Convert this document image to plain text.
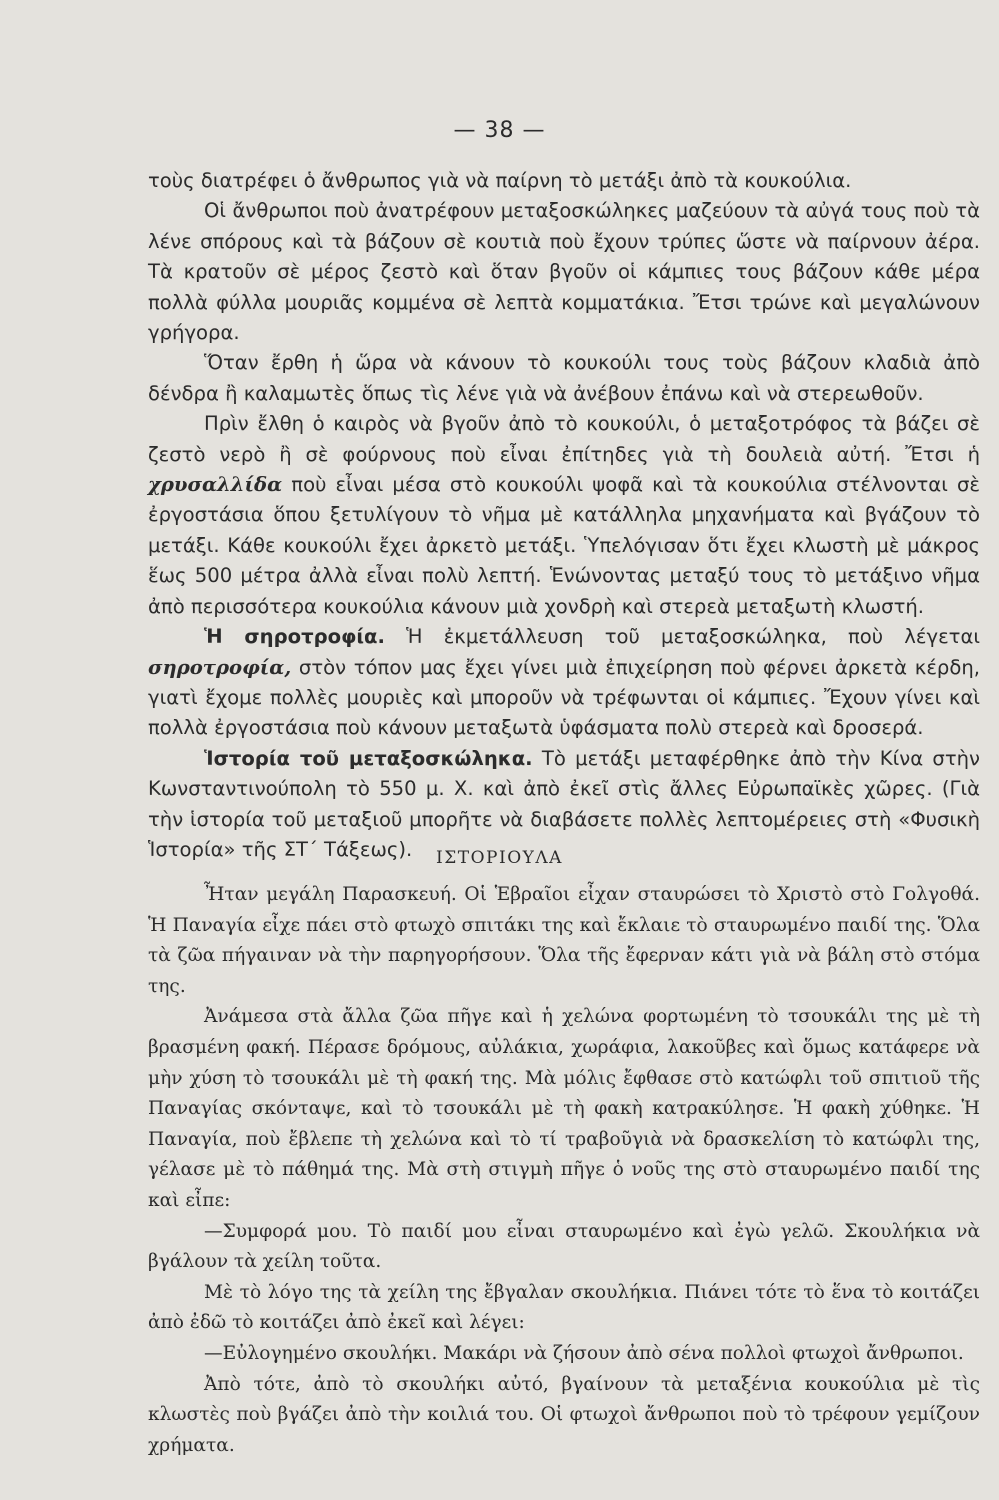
— 38 —

τοὺς διατρέφει ὁ ἄνθρωπος γιὰ νὰ παίρνη τὸ μετάξι ἀπὸ τὰ κουκούλια.

Οἱ ἄνθρωποι ποὺ ἀνατρέφουν μεταξοσκώληκες μαζεύουν τὰ αὐγά τους ποὺ τὰ λένε σπόρους καὶ τὰ βάζουν σὲ κουτιὰ ποὺ ἔχουν τρύπες ὥστε νὰ παίρνουν ἀέρα. Τὰ κρατοῦν σὲ μέρος ζεστὸ καὶ ὅταν βγοῦν οἱ κάμπιες τους βάζουν κάθε μέρα πολλὰ φύλλα μουριᾶς κομμένα σὲ λεπτὰ κομματάκια. Ἔτσι τρώνε καὶ μεγαλώνουν γρήγορα.

Ὅταν ἔρθη ἡ ὥρα νὰ κάνουν τὸ κουκούλι τους τοὺς βάζουν κλαδιὰ ἀπὸ δένδρα ἢ καλαμωτὲς ὅπως τὶς λένε γιὰ νὰ ἀνέβουν ἐπάνω καὶ νὰ στερεωθοῦν.

Πρὶν ἔλθη ὁ καιρὸς νὰ βγοῦν ἀπὸ τὸ κουκούλι, ὁ μεταξοτρόφος τὰ βάζει σὲ ζεστὸ νερὸ ἢ σὲ φούρνους ποὺ εἶναι ἐπίτηδες γιὰ τὴ δουλειὰ αὐτή. Ἔτσι ἡ χρυσαλλίδα ποὺ εἶναι μέσα στὸ κουκούλι ψοφᾶ καὶ τὰ κουκούλια στέλνονται σὲ ἐργοστάσια ὅπου ξετυλίγουν τὸ νῆμα μὲ κατάλληλα μηχανήματα καὶ βγάζουν τὸ μετάξι. Κάθε κουκούλι ἔχει ἀρκετὸ μετάξι. Ὑπελόγισαν ὅτι ἔχει κλωστὴ μὲ μάκρος ἕως 500 μέτρα ἀλλὰ εἶναι πολὺ λεπτή. Ἑνώνοντας μεταξύ τους τὸ μετάξινο νῆμα ἀπὸ περισσότερα κουκούλια κάνουν μιὰ χονδρὴ καὶ στερεὰ μεταξωτὴ κλωστή.

Ἡ σηροτροφία. Ἡ ἐκμετάλλευση τοῦ μεταξοσκώληκα, ποὺ λέγεται σηροτροφία, στὸν τόπον μας ἔχει γίνει μιὰ ἐπιχείρηση ποὺ φέρνει ἀρκετὰ κέρδη, γιατὶ ἔχομε πολλὲς μουριὲς καὶ μποροῦν νὰ τρέφωνται οἱ κάμπιες. Ἔχουν γίνει καὶ πολλὰ ἐργοστάσια ποὺ κάνουν μεταξωτὰ ὑφάσματα πολὺ στερεὰ καὶ δροσερά.

Ἱστορία τοῦ μεταξοσκώληκα. Τὸ μετάξι μεταφέρθηκε ἀπὸ τὴν Κίνα στὴν Κωνσταντινούπολη τὸ 550 μ. Χ. καὶ ἀπὸ ἐκεῖ στὶς ἄλλες Εὐρωπαϊκὲς χῶρες. (Γιὰ τὴν ἱστορία τοῦ μεταξιοῦ μπορῆτε νὰ διαβάσετε πολλὲς λεπτομέρειες στὴ «Φυσικὴ Ἱστορία» τῆς ΣΤ΄ Τάξεως).	ΙΣΤΟΡΙΟΥΛΑ

Ἦταν μεγάλη Παρασκευή. Οἱ Ἑβραῖοι εἶχαν σταυρώσει τὸ Χριστὸ στὸ Γολγοθά. Ἡ Παναγία εἶχε πάει στὸ φτωχὸ σπιτάκι της καὶ ἔκλαιε τὸ σταυρωμένο παιδί της. Ὅλα τὰ ζῶα πήγαιναν νὰ τὴν παρηγορήσουν. Ὅλα τῆς ἔφερναν κάτι γιὰ νὰ βάλη στὸ στόμα της.

Ἀνάμεσα στὰ ἄλλα ζῶα πῆγε καὶ ἡ χελώνα φορτωμένη τὸ τσουκάλι της μὲ τὴ βρασμένη φακή. Πέρασε δρόμους, αὐλάκια, χωράφια, λακοῦβες καὶ ὅμως κατάφερε νὰ μὴν χύση τὸ τσουκάλι μὲ τὴ φακή της. Μὰ μόλις ἔφθασε στὸ κατώφλι τοῦ σπιτιοῦ τῆς Παναγίας σκόνταψε, καὶ τὸ τσουκάλι μὲ τὴ φακὴ κατρακύλησε. Ἡ φακὴ χύθηκε. Ἡ Παναγία, ποὺ ἔβλεπε τὴ χελώνα καὶ τὸ τί τραβοῦγιὰ νὰ δρασκελίση τὸ κατώφλι της, γέλασε μὲ τὸ πάθημά της. Μὰ στὴ στιγμὴ πῆγε ὁ νοῦς της στὸ σταυρωμένο παιδί της καὶ εἶπε:

—Συμφορά μου. Τὸ παιδί μου εἶναι σταυρωμένο καὶ ἐγὼ γελῶ. Σκουλήκια νὰ βγάλουν τὰ χείλη τοῦτα.

Μὲ τὸ λόγο της τὰ χείλη της ἔβγαλαν σκουλήκια. Πιάνει τότε τὸ ἕνα τὸ κοιτάζει ἀπὸ ἐδῶ τὸ κοιτάζει ἀπὸ ἐκεῖ καὶ λέγει:

—Εὐλογημένο σκουλήκι. Μακάρι νὰ ζήσουν ἀπὸ σένα πολλοὶ φτωχοὶ ἄνθρωποι.

Ἀπὸ τότε, ἀπὸ τὸ σκουλήκι αὐτό, βγαίνουν τὰ μεταξένια κουκούλια μὲ τὶς κλωστὲς ποὺ βγάζει ἀπὸ τὴν κοιλιά του. Οἱ φτωχοὶ ἄνθρωποι ποὺ τὸ τρέφουν γεμίζουν χρήματα.
